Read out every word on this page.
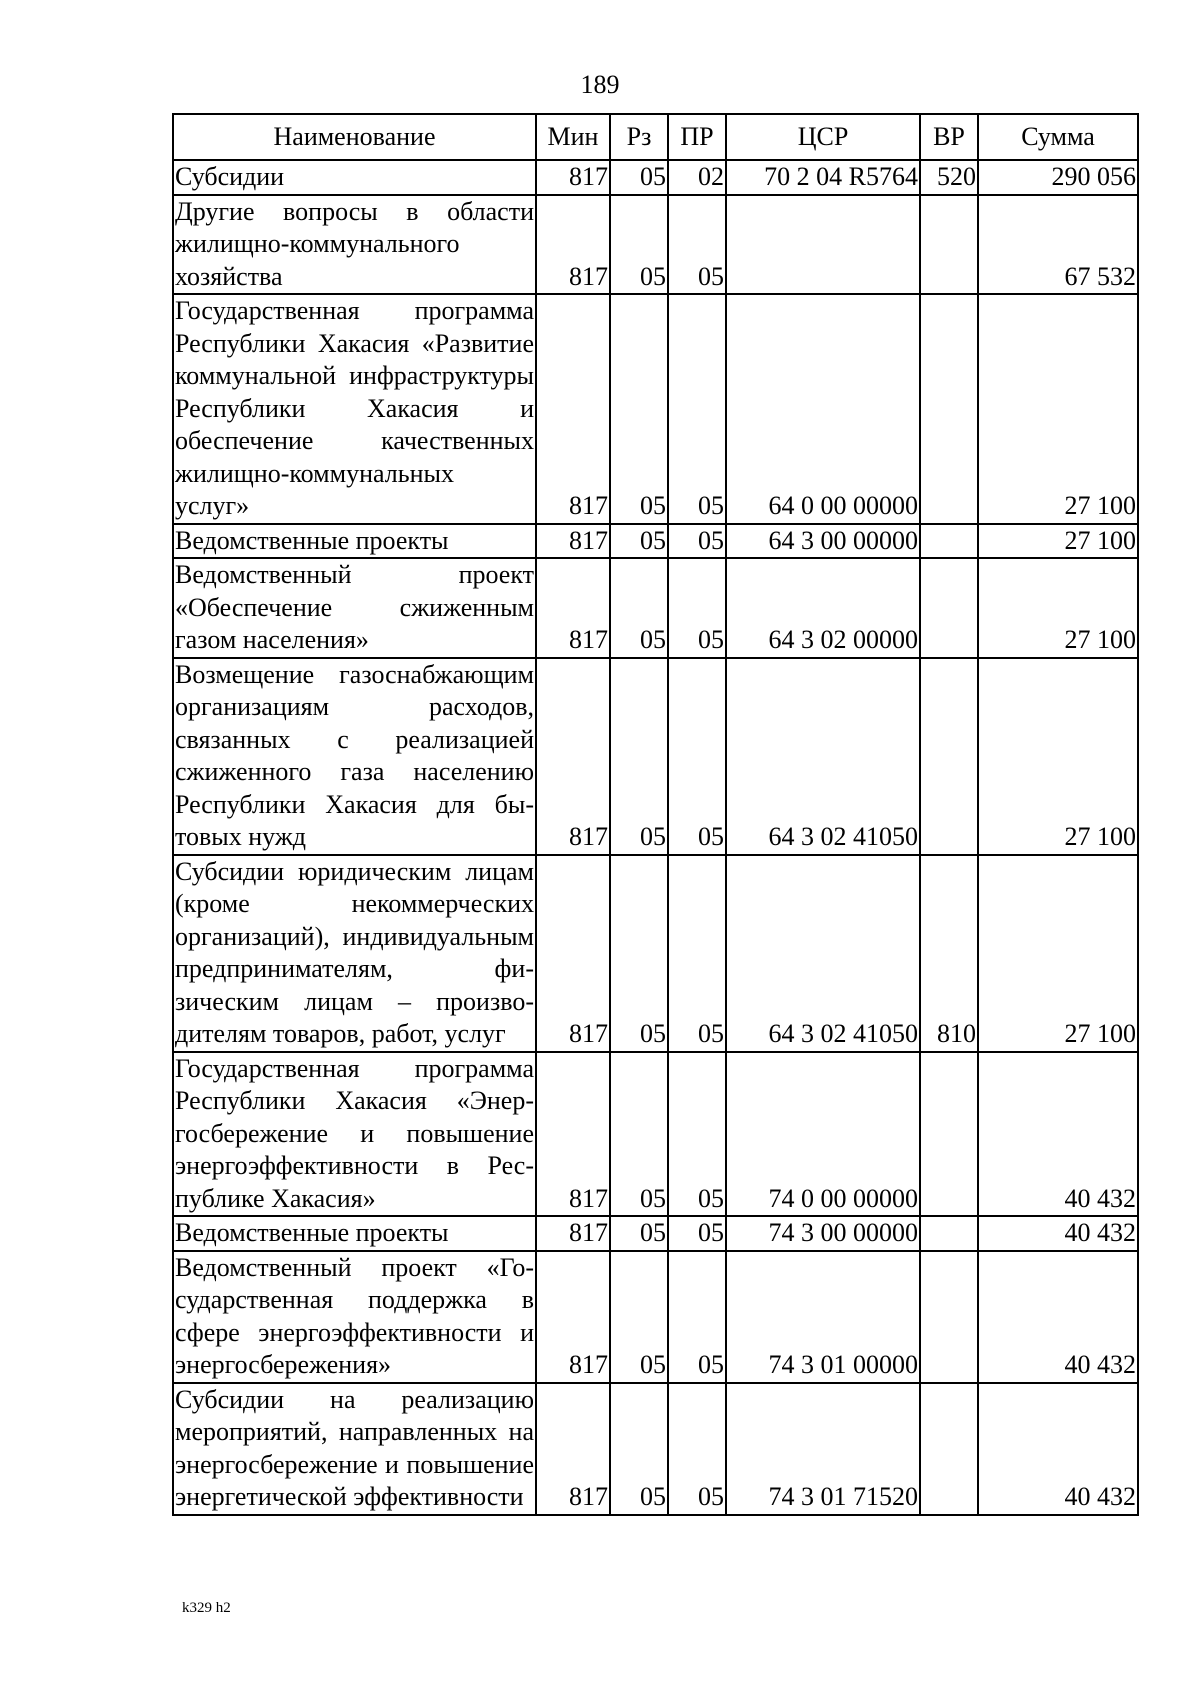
189
Наименование	Мин	Рз	ПР	ЦСР	ВР	Сумма
Субсидии	817	05	02	70 2 04 R5764	520	290 056
Другие вопросы в области жилищно-коммунального хозяйства	817	05	05			67 532
Государственная программа Республики Хакасия «Развитие коммунальной инфраструктуры Республики Хакасия и обеспечение качественных жилищно-коммунальных услуг»	817	05	05	64 0 00 00000		27 100
Ведомственные проекты	817	05	05	64 3 00 00000		27 100
Ведомственный проект «Обеспечение сжиженным газом населения»	817	05	05	64 3 02 00000		27 100
Возмещение газоснабжающим организациям расходов, связанных с реализацией сжиженного газа населению Республики Хакасия для бытовых нужд	817	05	05	64 3 02 41050		27 100
Субсидии юридическим лицам (кроме некоммерческих организаций), индивидуальным предпринимателям, физическим лицам – производителям товаров, работ, услуг	817	05	05	64 3 02 41050	810	27 100
Государственная программа Республики Хакасия «Энергосбережение и повышение энергоэффективности в Республике Хакасия»	817	05	05	74 0 00 00000		40 432
Ведомственные проекты	817	05	05	74 3 00 00000		40 432
Ведомственный проект «Государственная поддержка в сфере энергоэффективности и энергосбережения»	817	05	05	74 3 01 00000		40 432
Субсидии на реализацию мероприятий, направленных на энергосбережение и повышение энергетической эффективности	817	05	05	74 3 01 71520		40 432
k329 h2
